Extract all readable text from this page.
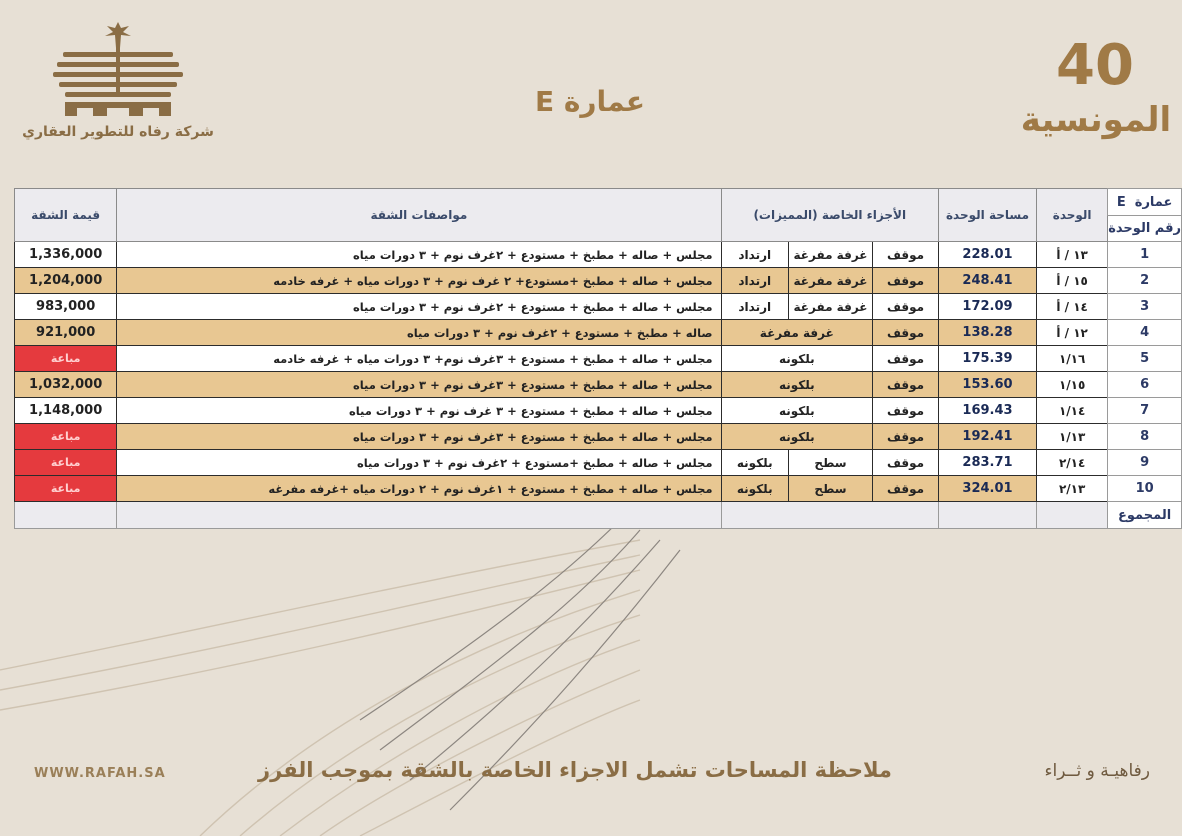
شركة رفاه للتطوير العقاري
عمارة E
40
المونسية
عمارة  E	الوحدة	مساحة الوحدة	الأجزاء الخاصة (المميزات)			مواصفات الشقة	قيمة الشقة
رقم الوحدة							
1	١٣ / أ	228.01	موقف	غرفة مفرغة	ارتداد	مجلس + صاله + مطبخ + مستودع + ٢غرف نوم + ٣ دورات مياه	1,336,000
2	١٥ / أ	248.41	موقف	غرفة مفرغة	ارتداد	مجلس + صاله + مطبخ +مستودع+ ٢ غرف نوم + ٣ دورات مياه + غرفه خادمه	1,204,000
3	١٤ / أ	172.09	موقف	غرفة مفرغة	ارتداد	مجلس + صاله + مطبخ + مستودع + ٢غرف نوم + ٣ دورات مياه	983,000
4	١٢ / أ	138.28	موقف	غرفة مفرغة		صاله + مطبخ + مستودع + ٢غرف نوم + ٣ دورات مياه	921,000
5	١/١٦	175.39	موقف	بلكونه		مجلس + صاله + مطبخ + مستودع + ٣غرف نوم+ ٣ دورات مياه + غرفه خادمه	مباعة
6	١/١٥	153.60	موقف	بلكونه		مجلس + صاله + مطبخ + مستودع + ٣غرف نوم + ٣ دورات مياه	1,032,000
7	١/١٤	169.43	موقف	بلكونه		مجلس + صاله + مطبخ + مستودع + ٣ غرف نوم + ٣ دورات مياه	1,148,000
8	١/١٣	192.41	موقف	بلكونه		مجلس + صاله + مطبخ + مستودع + ٣غرف نوم + ٣ دورات مياه	مباعة
9	٢/١٤	283.71	موقف	سطح	بلكونه	مجلس + صاله + مطبخ +مستودع + ٢غرف نوم + ٣ دورات مياه	مباعة
10	٢/١٣	324.01	موقف	سطح	بلكونه	مجلس + صاله + مطبخ + مستودع + ١غرف نوم + ٢ دورات مياه +غرفه مفرغه	مباعة
المجموع							
ملاحظة المساحات تشمل الاجزاء الخاصة بالشقة بموجب الفرز
WWW.RAFAH.SA	رفاهيـة و ثــراء
